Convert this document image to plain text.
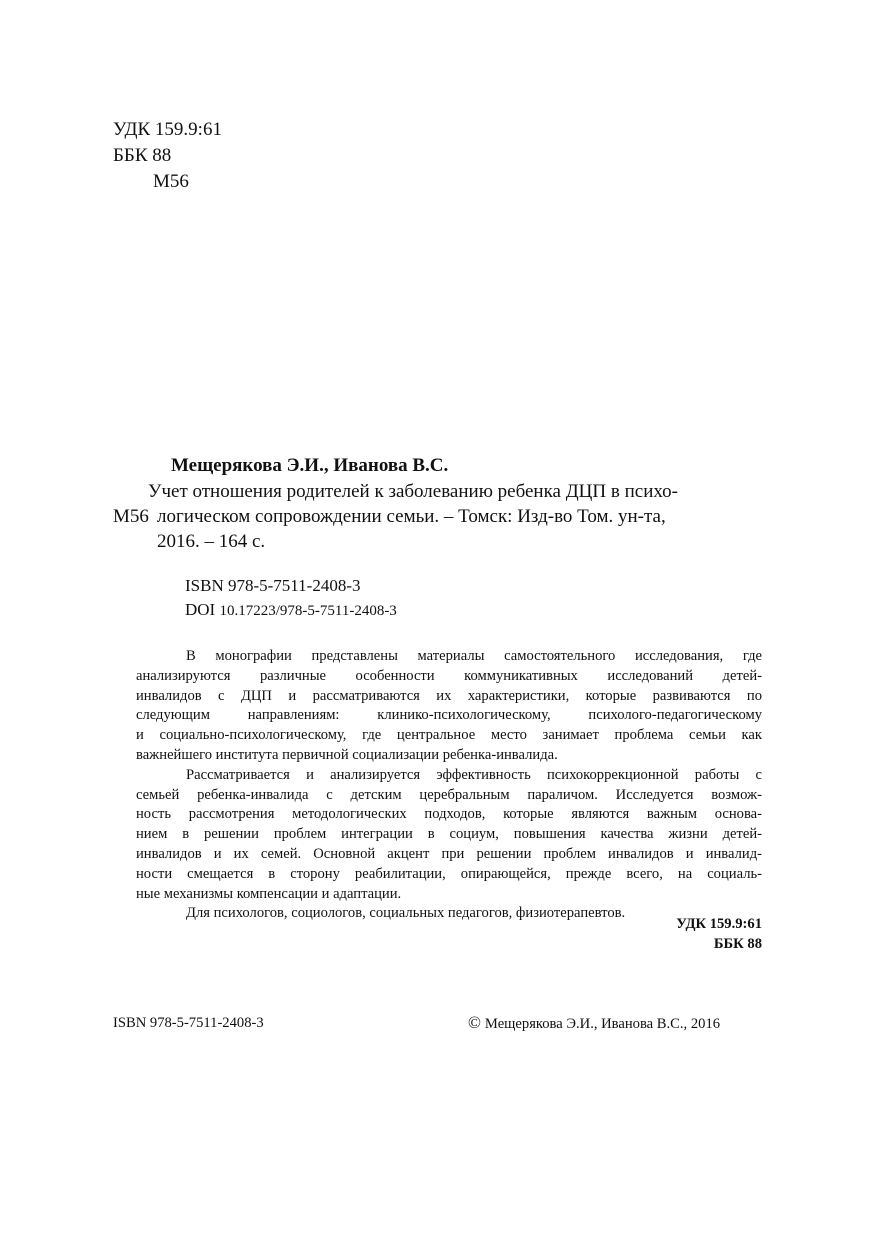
УДК 159.9:61
ББК 88
М56
Мещерякова Э.И., Иванова В.С.
Учет отношения родителей к заболеванию ребенка ДЦП в психо-
М56 логическом сопровождении семьи. – Томск: Изд-во Том. ун-та,
2016. – 164 с.
ISBN 978-5-7511-2408-3
DOI 10.17223/978-5-7511-2408-3

В монографии представлены материалы самостоятельного исследования, где

анализируются различные особенности коммуникативных исследований детей-

инвалидов с ДЦП и рассматриваются их характеристики, которые развиваются по

следующим направлениям: клинико-психологическому, психолого-педагогическому

и социально-психологическому, где центральное место занимает проблема семьи как

важнейшего института первичной социализации ребенка-инвалида.

Рассматривается и анализируется эффективность психокоррекционной работы с

семьей ребенка-инвалида с детским церебральным параличом. Исследуется возмож-

ность рассмотрения методологических подходов, которые являются важным основа-

нием в решении проблем интеграции в социум, повышения качества жизни детей-

инвалидов и их семей. Основной акцент при решении проблем инвалидов и инвалид-

ности смещается в сторону реабилитации, опирающейся, прежде всего, на социаль-

ные механизмы компенсации и адаптации.

Для психологов, социологов, социальных педагогов, физиотерапевтов.

УДК 159.9:61
ББК 88
ISBN 978-5-7511-2408-3	© Мещерякова Э.И., Иванова В.С., 2016
